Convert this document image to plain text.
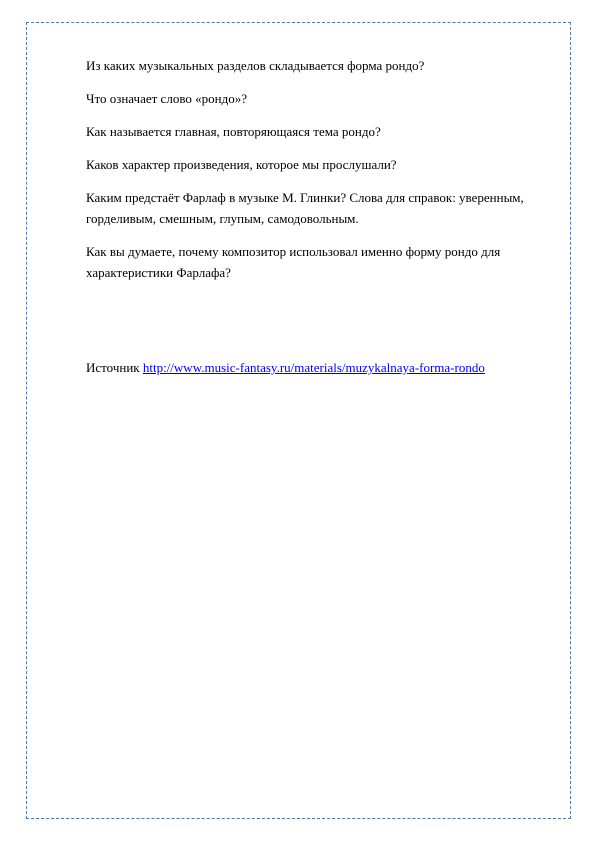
Из каких музыкальных разделов складывается форма рондо?

Что означает слово «рондо»?

Как называется главная, повторяющаяся тема рондо?

Каков характер произведения, которое мы прослушали?

Каким предстаёт Фарлаф в музыке М. Глинки? Слова для справок: уверенным, горделивым, смешным, глупым, самодовольным.

Как вы думаете, почему композитор использовал именно форму рондо для характеристики Фарлафа?

Источник http://www.music-fantasy.ru/materials/muzykalnaya-forma-rondo
